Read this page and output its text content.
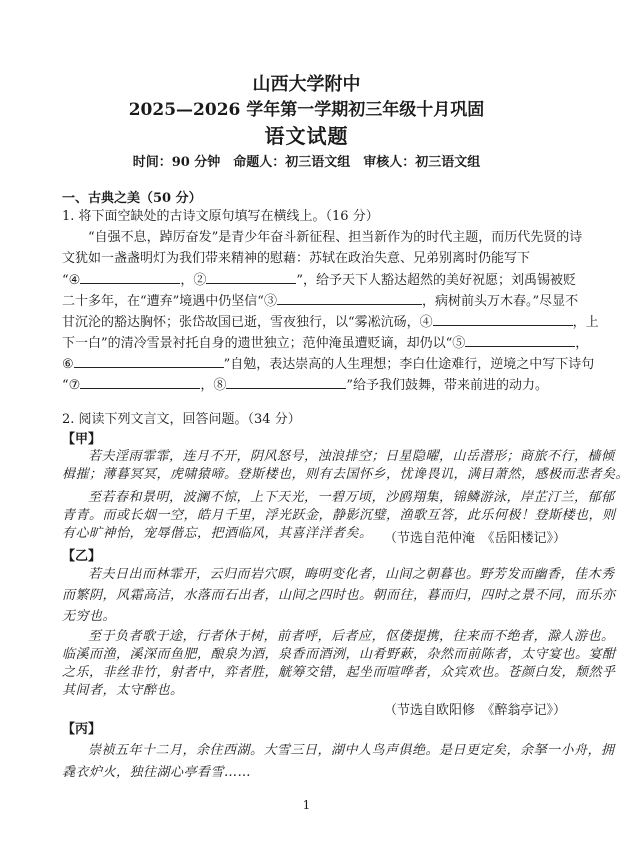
山西大学附中
2025—2026 学年第一学期初三年级十月巩固
语文试题
时间：90 分钟　命题人：初三语文组　审核人：初三语文组
一、古典之美（50 分）
1. 将下面空缺处的古诗文原句填写在横线上。（16 分）
“自强不息，踔厉奋发”是青少年奋斗新征程、担当新作为的时代主题，而历代先贤的诗
文犹如一盏盏明灯为我们带来精神的慰藉：苏轼在政治失意、兄弟别离时仍能写下
“④	，②	”，给予天下人豁达超然的美好祝愿；刘禹锡被贬
二十多年，在“遭弃”境遇中仍坚信“③	，病树前头万木春。”尽显不
甘沉沦的豁达胸怀；张岱故国已逝，雪夜独行，以“雾凇沆砀，④	，上
下一白”的清冷雪景衬托自身的遗世独立；范仲淹虽遭贬谪，却仍以“⑤	，
⑥	”自勉，表达崇高的人生理想；李白仕途难行，逆境之中写下诗句
“⑦	，⑧	”给予我们鼓舞，带来前进的动力。
2. 阅读下列文言文，回答问题。（34 分）
【甲】
若夫淫雨霏霏，连月不开，阴风怒号，浊浪排空；日星隐曜，山岳潜形；商旅不行，樯倾
楫摧；薄暮冥冥，虎啸猿啼。登斯楼也，则有去国怀乡，忧谗畏讥，满目萧然，感极而悲者矣。
至若春和景明，波澜不惊，上下天光，一碧万顷，沙鸥翔集，锦鳞游泳，岸芷汀兰，郁郁
青青。而或长烟一空，皓月千里，浮光跃金，静影沉璧，渔歌互答，此乐何极！登斯楼也，则
有心旷神怡，宠辱偕忘，把酒临风，其喜洋洋者矣。 （节选自范仲淹　《岳阳楼记》）
【乙】
若夫日出而林霏开，云归而岩穴暝，晦明变化者，山间之朝暮也。野芳发而幽香，佳木秀
而繁阴，风霜高洁，水落而石出者，山间之四时也。朝而往，暮而归，四时之景不同，而乐亦
无穷也。
至于负者歌于途，行者休于树，前者呼，后者应，伛偻提携，往来而不绝者，滁人游也。
临溪而渔，溪深而鱼肥，酿泉为酒，泉香而酒洌，山肴野蔌，杂然而前陈者，太守宴也。宴酣
之乐，非丝非竹，射者中，弈者胜，觥筹交错，起坐而喧哗者，众宾欢也。苍颜白发，颓然乎
其间者，太守醉也。
1
（节选自欧阳修　《醉翁亭记》）
【丙】
崇祯五年十二月，余住西湖。大雪三日，湖中人鸟声俱绝。是日更定矣，余拏一小舟，拥
毳衣炉火，独往湖心亭看雪……
